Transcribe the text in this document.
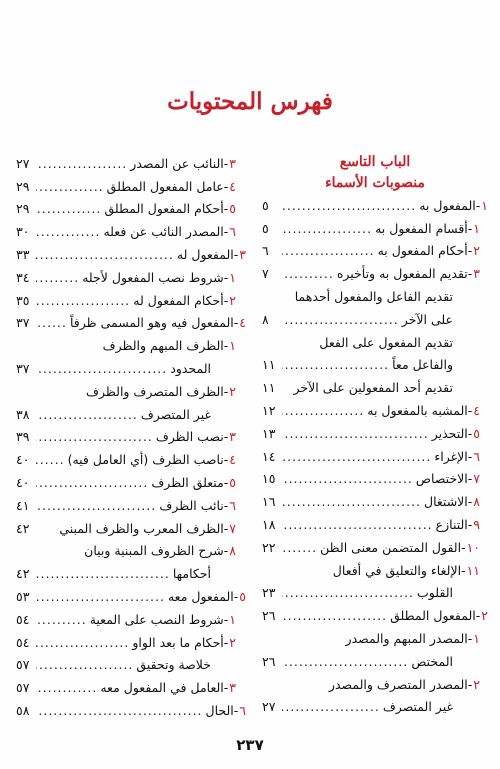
فهرس المحتويات
الباب التاسع
منصوبات الأسماء
١
-المفعول به
.....
٥
١
-أقسام المفعول به
.....
٥
٢
-أحكام المفعول به
.....
٦
٣
-تقديم المفعول به وتأخيره
.....
٧
تقديم الفاعل والمفعول أحدهما
على الآخر
.....
٨
تقديم المفعول على الفعل
والفاعل معاً
.....
١١
تقديم أحد المفعولين على الآخر
١١
٤
-المشبه بالمفعول به
.....
١٢
٥
-التحذير
.....
١٣
٦
-الإغراء
.....
١٤
٧
-الاختصاص
.....
١٥
٨
-الاشتغال
.....
١٦
٩
-التنازع
.....
١٨
١٠
-القول المتضمن معنى الظن
.....
٢٢
١١
-الإلغاء والتعليق في أفعال
القلوب
.....
٢٣
٢
-المفعول المطلق
.....
٢٦
١
-المصدر المبهم والمصدر
المختص
.....
٢٦
٢
-المصدر المتصرف والمصدر
غير المتصرف
.....
٢٧
٣
-النائب عن المصدر
.....
٢٧
٤
-عامل المفعول المطلق
.....
٢٩
٥
-أحكام المفعول المطلق
.....
٢٩
٦
-المصدر النائب عن فعله
.....
٣٠
٣
-المفعول له
.....
٣٣
١
-شروط نصب المفعول لأجله
.....
٣٤
٢
-أحكام المفعول له
.....
٣٥
٤
-المفعول فيه وهو المسمى ظرفاً
.....
٣٧
١
-الظرف المبهم والظرف
المحدود
.....
٣٧
٢
-الظرف المتصرف والظرف
غير المتصرف
.....
٣٨
٣
-نصب الظرف
.....
٣٩
٤
-ناصب الظرف (أي العامل فيه)
.....
٤٠
٥
-متعلق الظرف
.....
٤٠
٦
-نائب الظرف
.....
٤١
٧
-الظرف المعرب والظرف المبني
٤٢
٨
-شرح الظروف المبنية وبيان
أحكامها
.....
٤٢
٥
-المفعول معه
.....
٥٣
١
-شروط النصب على المعية
.....
٥٤
٢
-أحكام ما بعد الواو
.....
٥٤
خلاصة وتحقيق
.....
٥٧
٣
-العامل في المفعول معه
.....
٥٧
٦
-الحال
.....
٥٨
٢٣٧
